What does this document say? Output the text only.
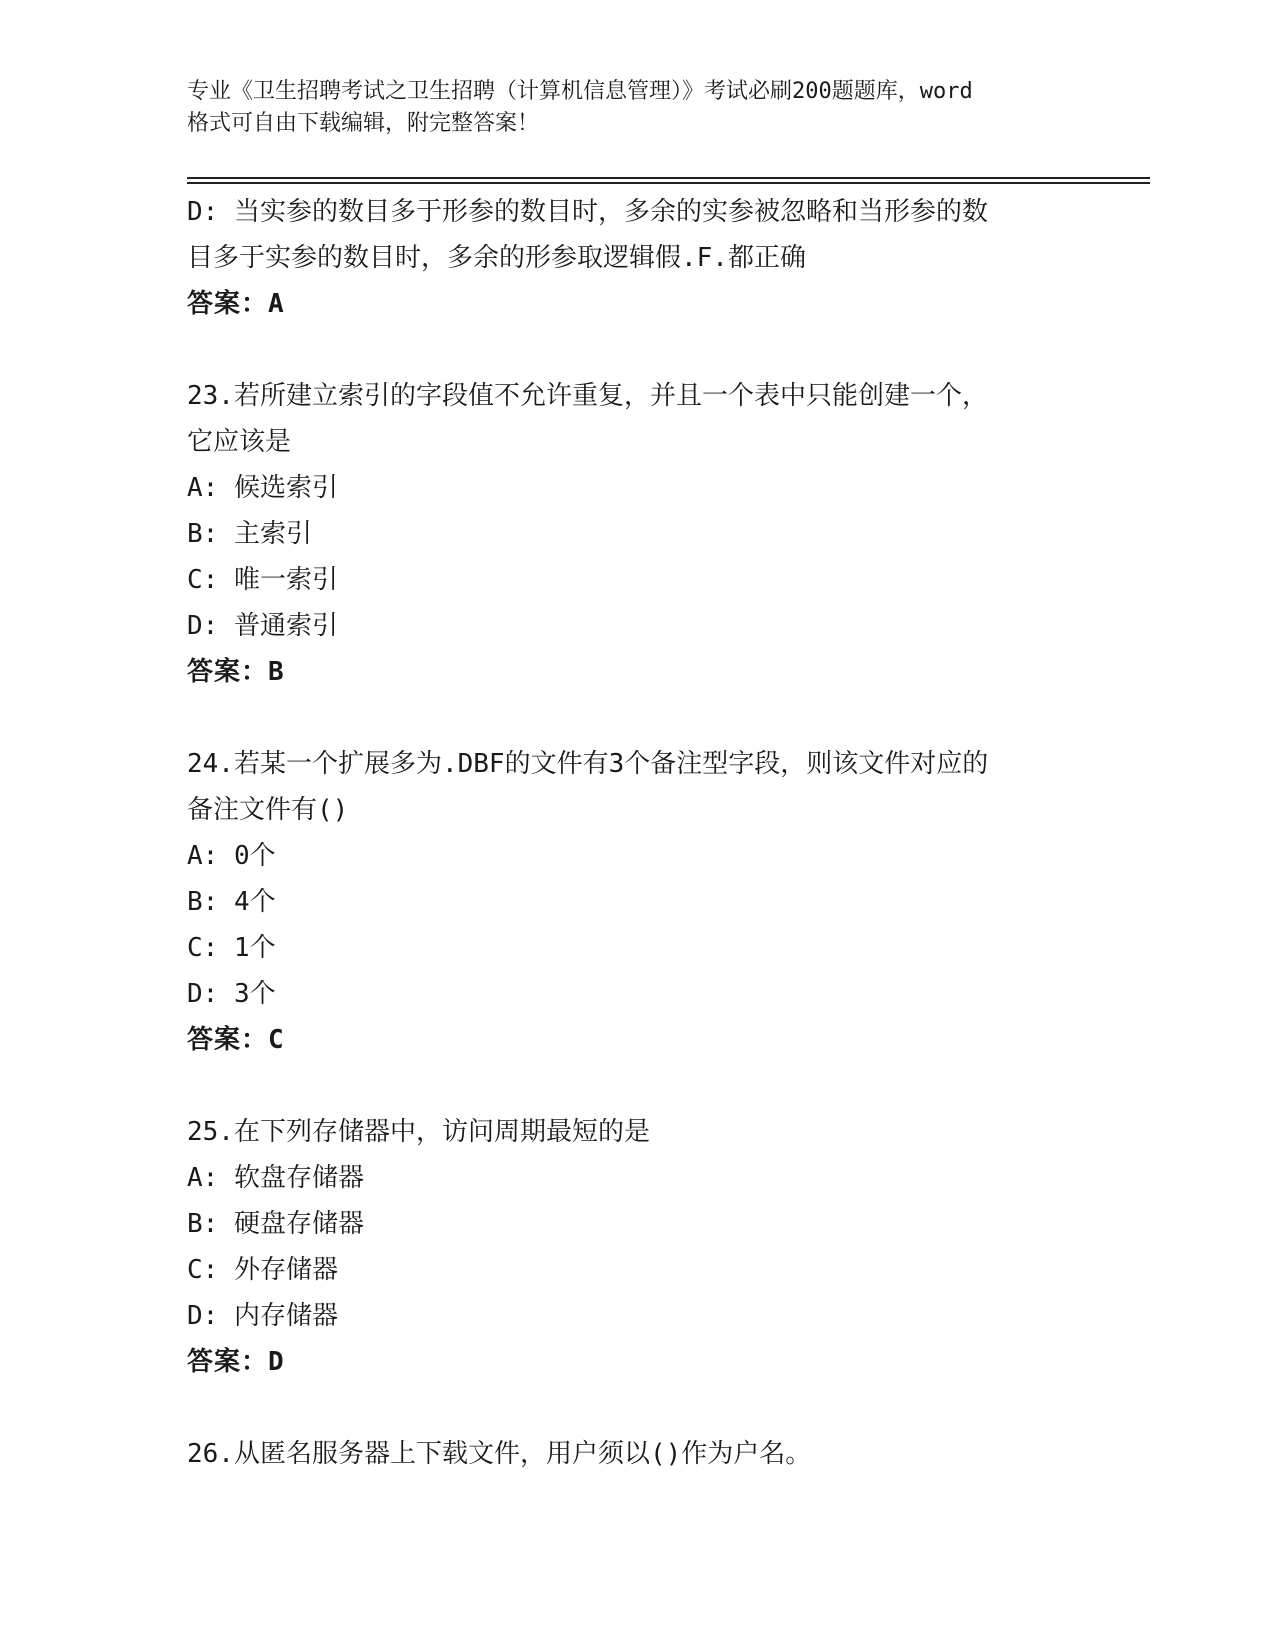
专业《卫生招聘考试之卫生招聘（计算机信息管理）》考试必刷200题题库，word
格式可自由下载编辑，附完整答案！
D: 当实参的数目多于形参的数目时，多余的实参被忽略和当形参的数
目多于实参的数目时，多余的形参取逻辑假.F.都正确
答案：A
23.若所建立索引的字段值不允许重复，并且一个表中只能创建一个，
它应该是
A: 候选索引
B: 主索引
C: 唯一索引
D: 普通索引
答案：B
24.若某一个扩展多为.DBF的文件有3个备注型字段，则该文件对应的
备注文件有()
A: 0个
B: 4个
C: 1个
D: 3个
答案：C
25.在下列存储器中，访问周期最短的是
A: 软盘存储器
B: 硬盘存储器
C: 外存储器
D: 内存储器
答案：D
26.从匿名服务器上下载文件，用户须以()作为户名。
